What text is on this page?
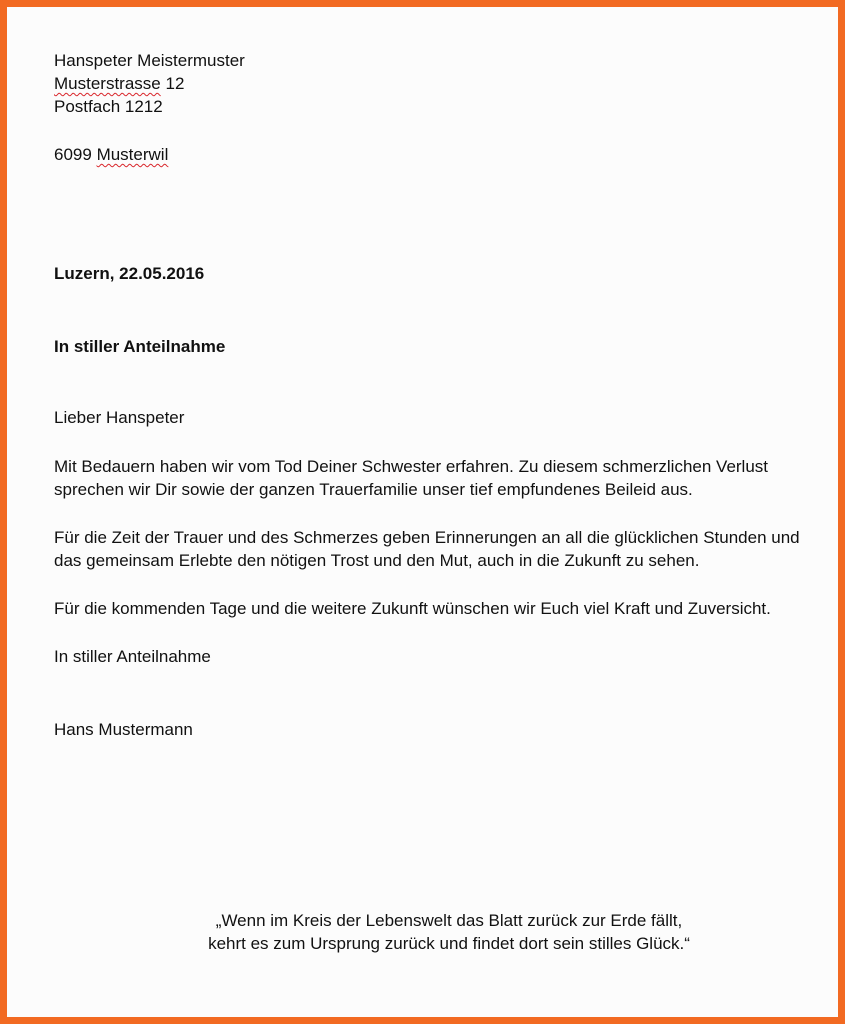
Hanspeter Meistermuster
Musterstrasse 12
Postfach 1212
6099 Musterwil
Luzern, 22.05.2016
In stiller Anteilnahme
Lieber Hanspeter
Mit Bedauern haben wir vom Tod Deiner Schwester erfahren. Zu diesem schmerzlichen Verlust
sprechen wir Dir sowie der ganzen Trauerfamilie unser tief empfundenes Beileid aus.
Für die Zeit der Trauer und des Schmerzes geben Erinnerungen an all die glücklichen Stunden und
das gemeinsam Erlebte den nötigen Trost und den Mut, auch in die Zukunft zu sehen.
Für die kommenden Tage und die weitere Zukunft wünschen wir Euch viel Kraft und Zuversicht.
In stiller Anteilnahme
Hans Mustermann
„Wenn im Kreis der Lebenswelt das Blatt zurück zur Erde fällt,
kehrt es zum Ursprung zurück und findet dort sein stilles Glück.“
